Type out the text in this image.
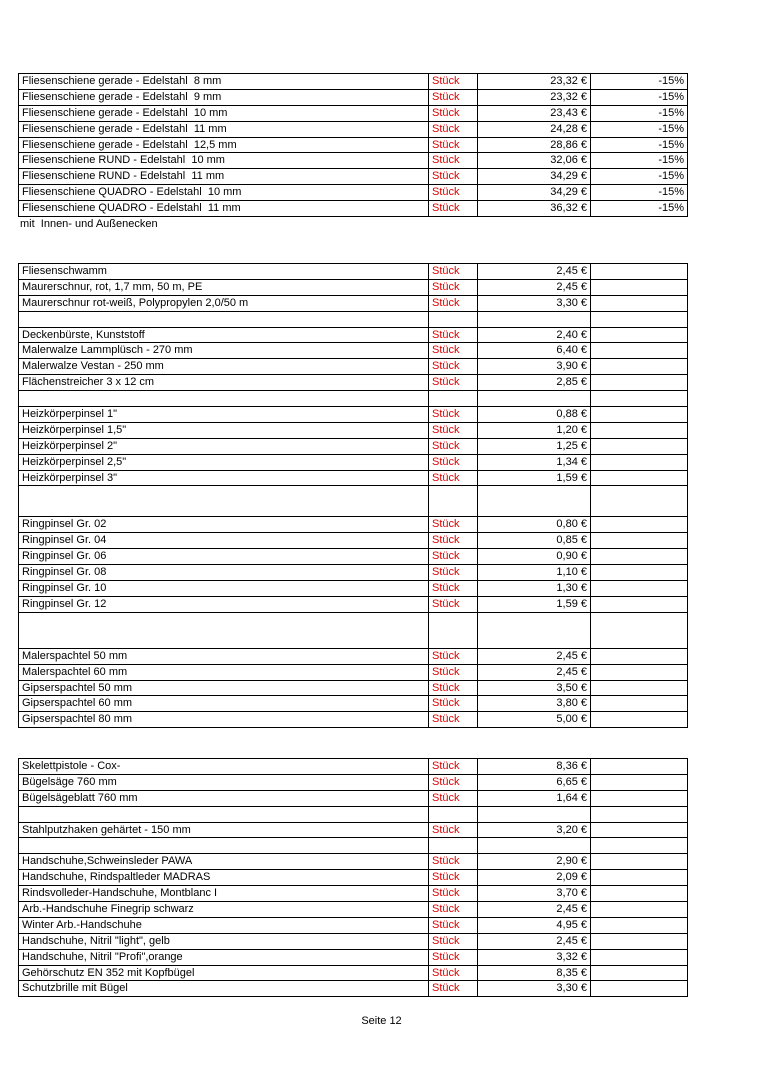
Fliesenschiene gerade - Edelstahl  8 mm	Stück	23,32 €	-15%
Fliesenschiene gerade - Edelstahl  9 mm	Stück	23,32 €	-15%
Fliesenschiene gerade - Edelstahl  10 mm	Stück	23,43 €	-15%
Fliesenschiene gerade - Edelstahl  11 mm	Stück	24,28 €	-15%
Fliesenschiene gerade - Edelstahl  12,5 mm	Stück	28,86 €	-15%
Fliesenschiene RUND - Edelstahl  10 mm	Stück	32,06 €	-15%
Fliesenschiene RUND - Edelstahl  11 mm	Stück	34,29 €	-15%
Fliesenschiene QUADRO - Edelstahl  10 mm	Stück	34,29 €	-15%
Fliesenschiene QUADRO - Edelstahl  11 mm	Stück	36,32 €	-15%
Fliesenschwamm	Stück	2,45 €	
Maurerschnur, rot, 1,7 mm, 50 m, PE	Stück	2,45 €	
Maurerschnur rot-weiß, Polypropylen 2,0/50 m	Stück	3,30 €	

Deckenbürste, Kunststoff	Stück	2,40 €	
Malerwalze Lammplüsch - 270 mm	Stück	6,40 €	
Malerwalze Vestan - 250 mm	Stück	3,90 €	
Flächenstreicher 3 x 12 cm	Stück	2,85 €	

Heizkörperpinsel 1"	Stück	0,88 €	
Heizkörperpinsel 1,5"	Stück	1,20 €	
Heizkörperpinsel 2"	Stück	1,25 €	
Heizkörperpinsel 2,5"	Stück	1,34 €	
Heizkörperpinsel 3"	Stück	1,59 €	

Ringpinsel Gr. 02	Stück	0,80 €	
Ringpinsel Gr. 04	Stück	0,85 €	
Ringpinsel Gr. 06	Stück	0,90 €	
Ringpinsel Gr. 08	Stück	1,10 €	
Ringpinsel Gr. 10	Stück	1,30 €	
Ringpinsel Gr. 12	Stück	1,59 €	

Malerspachtel 50 mm	Stück	2,45 €	
Malerspachtel 60 mm	Stück	2,45 €	
Gipserspachtel 50 mm	Stück	3,50 €	
Gipserspachtel 60 mm	Stück	3,80 €	
Gipserspachtel 80 mm	Stück	5,00 €	
Skelettpistole - Cox-	Stück	8,36 €	
Bügelsäge 760 mm	Stück	6,65 €	
Bügelsägeblatt 760 mm	Stück	1,64 €	

Stahlputzhaken gehärtet - 150 mm	Stück	3,20 €	

Handschuhe,Schweinsleder PAWA	Stück	2,90 €	
Handschuhe, Rindspaltleder MADRAS	Stück	2,09 €	
Rindsvolleder-Handschuhe, Montblanc I	Stück	3,70 €	
Arb.-Handschuhe Finegrip schwarz	Stück	2,45 €	
Winter Arb.-Handschuhe	Stück	4,95 €	
Handschuhe, Nitril "light", gelb	Stück	2,45 €	
Handschuhe, Nitril "Profi",orange	Stück	3,32 €	
Gehörschutz EN 352 mit Kopfbügel	Stück	8,35 €	
Schutzbrille mit Bügel	Stück	3,30 €	
mit  Innen- und Außenecken
Seite 12
